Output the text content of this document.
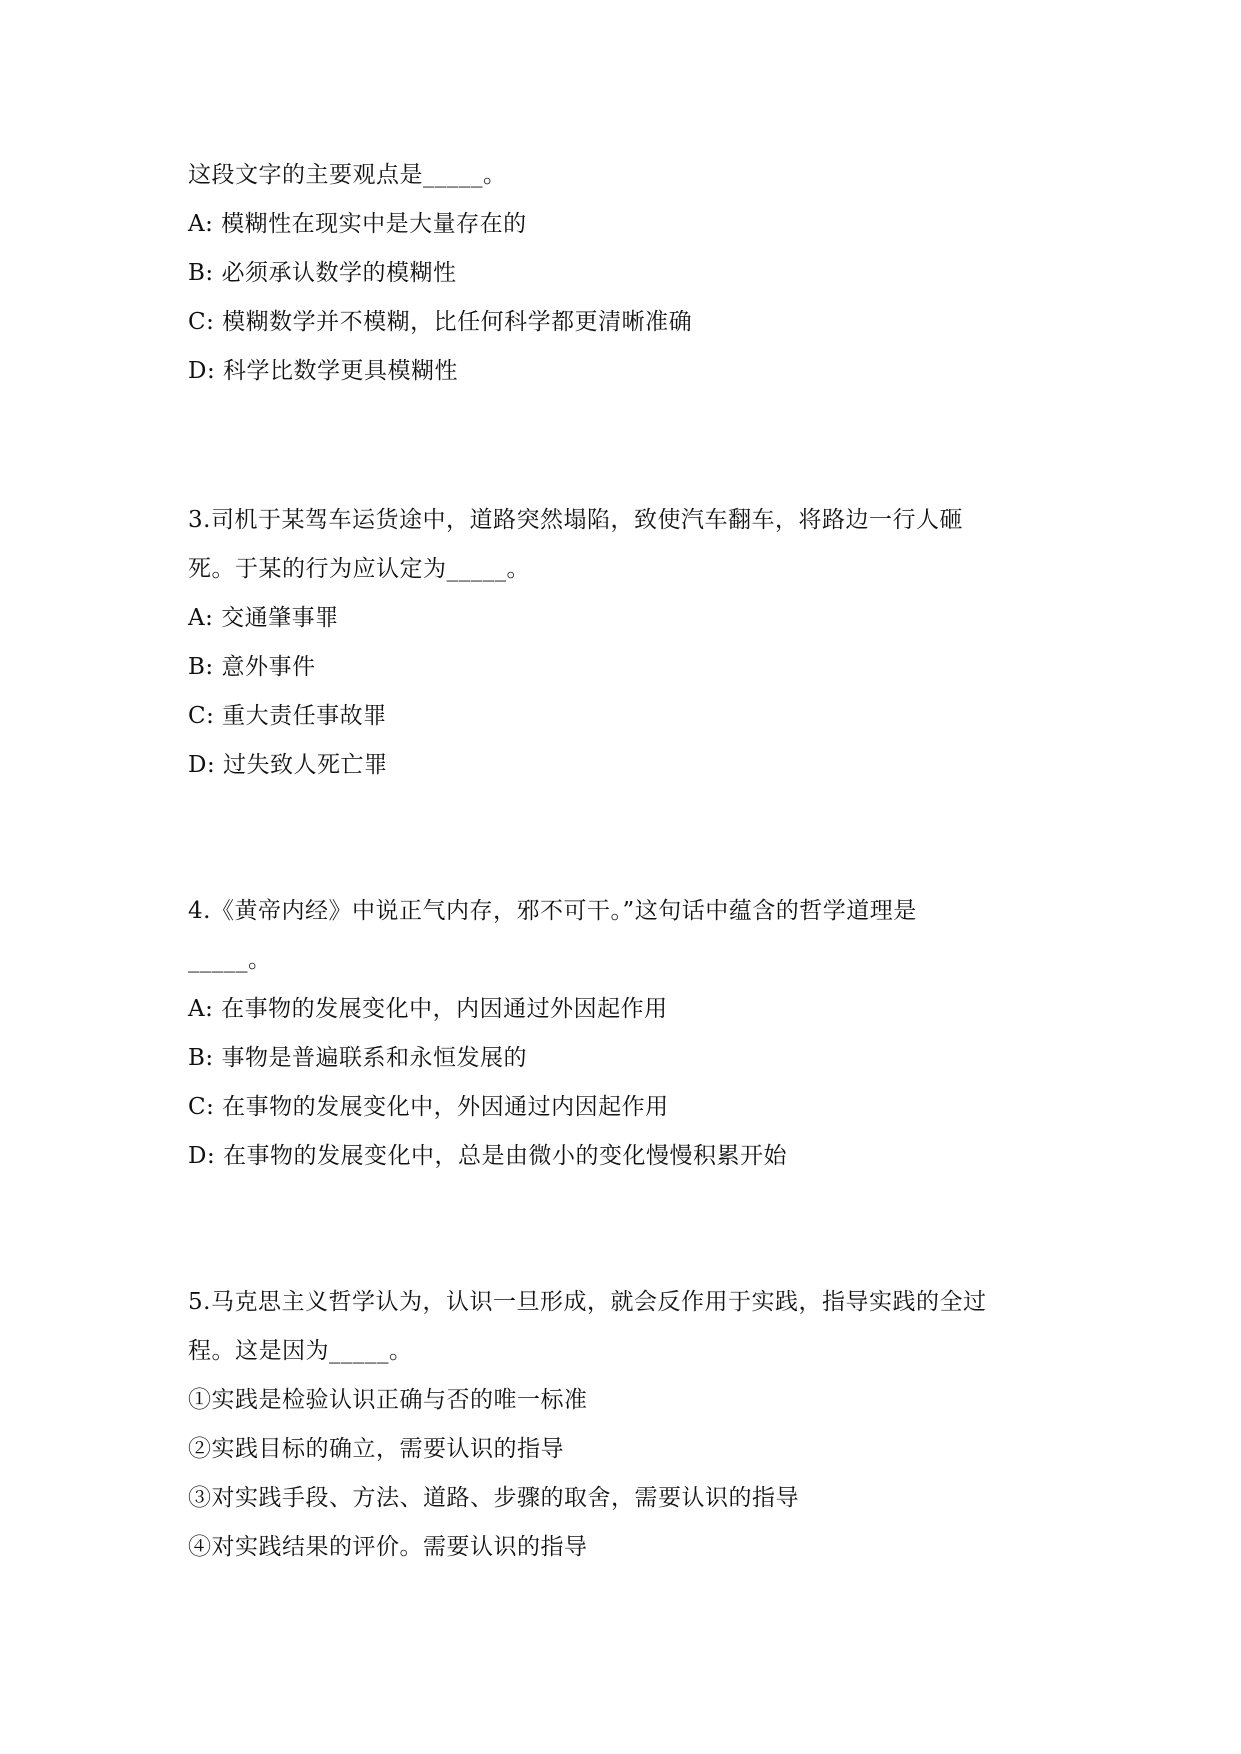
这段文字的主要观点是_____。
A: 模糊性在现实中是大量存在的
B: 必须承认数学的模糊性
C: 模糊数学并不模糊，比任何科学都更清晰准确
D: 科学比数学更具模糊性
3.司机于某驾车运货途中，道路突然塌陷，致使汽车翻车，将路边一行人砸
死。于某的行为应认定为_____。
A: 交通肇事罪
B: 意外事件
C: 重大责任事故罪
D: 过失致人死亡罪
4.《黄帝内经》中说正气内存，邪不可干。”这句话中蕴含的哲学道理是
_____。
A: 在事物的发展变化中，内因通过外因起作用
B: 事物是普遍联系和永恒发展的
C: 在事物的发展变化中，外因通过内因起作用
D: 在事物的发展变化中，总是由微小的变化慢慢积累开始
5.马克思主义哲学认为，认识一旦形成，就会反作用于实践，指导实践的全过
程。这是因为_____。
①实践是检验认识正确与否的唯一标准
②实践目标的确立，需要认识的指导
③对实践手段、方法、道路、步骤的取舍，需要认识的指导
④对实践结果的评价。需要认识的指导
